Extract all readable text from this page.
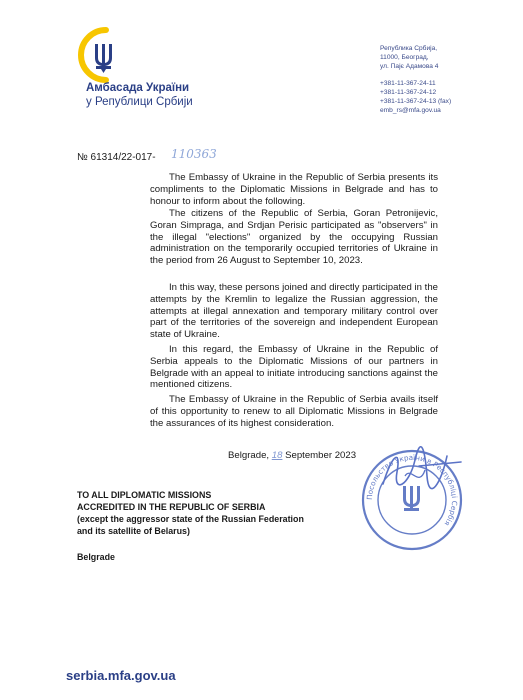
Амбасада України
у Републици Србији
Република Србија,
11000, Београд,
ул. Пајє Адамова 4
+381-11-367-24-11
+381-11-367-24-12
+381-11-367-24-13 (fax)
emb_rs@mfa.gov.ua
№ 61314/22-017- 110363

The Embassy of Ukraine in the Republic of Serbia presents its compliments to the Diplomatic Missions in Belgrade and has to honour to inform about the following.

The citizens of the Republic of Serbia, Goran Petronijevic, Goran Simpraga, and Srdjan Perisic participated as "observers" in the illegal "elections" organized by the occupying Russian administration on the temporarily occupied territories of Ukraine in the period from 26 August to September 10, 2023.

In this way, these persons joined and directly participated in the attempts by the Kremlin to legalize the Russian aggression, the attempts at illegal annexation and temporary military control over part of the territories of the sovereign and independent European state of Ukraine.

In this regard, the Embassy of Ukraine in the Republic of Serbia appeals to the Diplomatic Missions of our partners in Belgrade with an appeal to initiate introducing sanctions against the mentioned citizens.

The Embassy of Ukraine in the Republic of Serbia avails itself of this opportunity to renew to all Diplomatic Missions in Belgrade the assurances of its highest consideration.

Belgrade, 18 September 2023
TO ALL DIPLOMATIC MISSIONS
ACCREDITED IN THE REPUBLIC OF SERBIA
(except the aggressor state of the Russian Federation
and its satellite of Belarus)
Belgrade
Посольство України в Республіці Сербія
serbia.mfa.gov.ua
